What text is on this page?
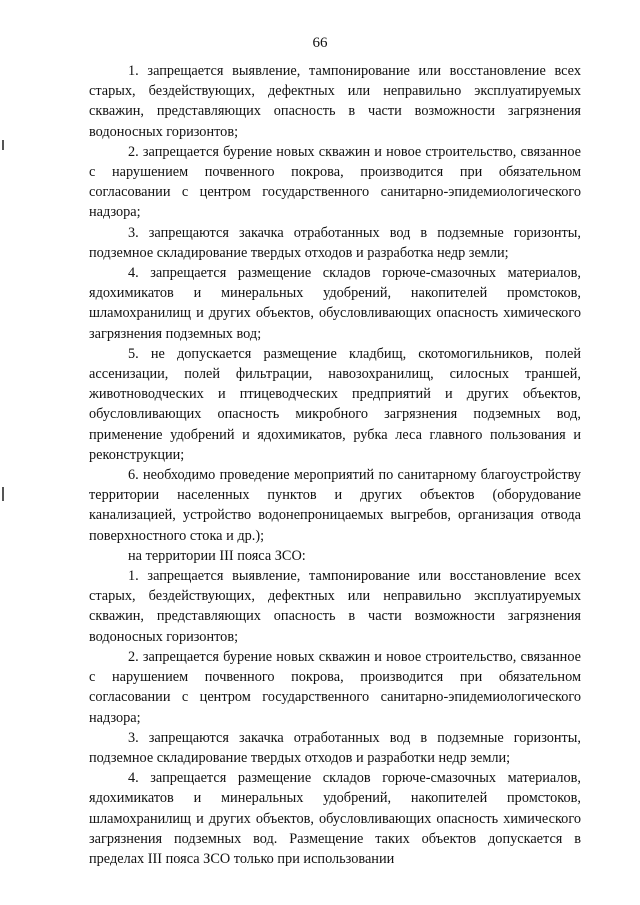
66

1. запрещается выявление, тампонирование или восстановление всех старых, бездействующих, дефектных или неправильно эксплуатируемых скважин, представляющих опасность в части возможности загрязнения водоносных горизонтов;

2. запрещается бурение новых скважин и новое строительство, связанное с нарушением почвенного покрова, производится при обязательном согласовании с центром государственного санитарно-эпидемиологического надзора;

3. запрещаются закачка отработанных вод в подземные горизонты, подземное складирование твердых отходов и разработка недр земли;

4. запрещается размещение складов горюче-смазочных материалов, ядохимикатов и минеральных удобрений, накопителей промстоков, шламохранилищ и других объектов, обусловливающих опасность химического загрязнения подземных вод;

5. не допускается размещение кладбищ, скотомогильников, полей ассенизации, полей фильтрации, навозохранилищ, силосных траншей, животноводческих и птицеводческих предприятий и других объектов, обусловливающих опасность микробного загрязнения подземных вод, применение удобрений и ядохимикатов, рубка леса главного пользования и реконструкции;

6. необходимо проведение мероприятий по санитарному благоустройству территории населенных пунктов и других объектов (оборудование канализацией, устройство водонепроницаемых выгребов, организация отвода поверхностного стока и др.);

на территории III пояса ЗСО:

1. запрещается выявление, тампонирование или восстановление всех старых, бездействующих, дефектных или неправильно эксплуатируемых скважин, представляющих опасность в части возможности загрязнения водоносных горизонтов;

2. запрещается бурение новых скважин и новое строительство, связанное с нарушением почвенного покрова, производится при обязательном согласовании с центром государственного санитарно-эпидемиологического надзора;

3. запрещаются закачка отработанных вод в подземные горизонты, подземное складирование твердых отходов и разработки недр земли;

4. запрещается размещение складов горюче-смазочных материалов, ядохимикатов и минеральных удобрений, накопителей промстоков, шламохранилищ и других объектов, обусловливающих опасность химического загрязнения подземных вод. Размещение таких объектов допускается в пределах III пояса ЗСО только при использовании
